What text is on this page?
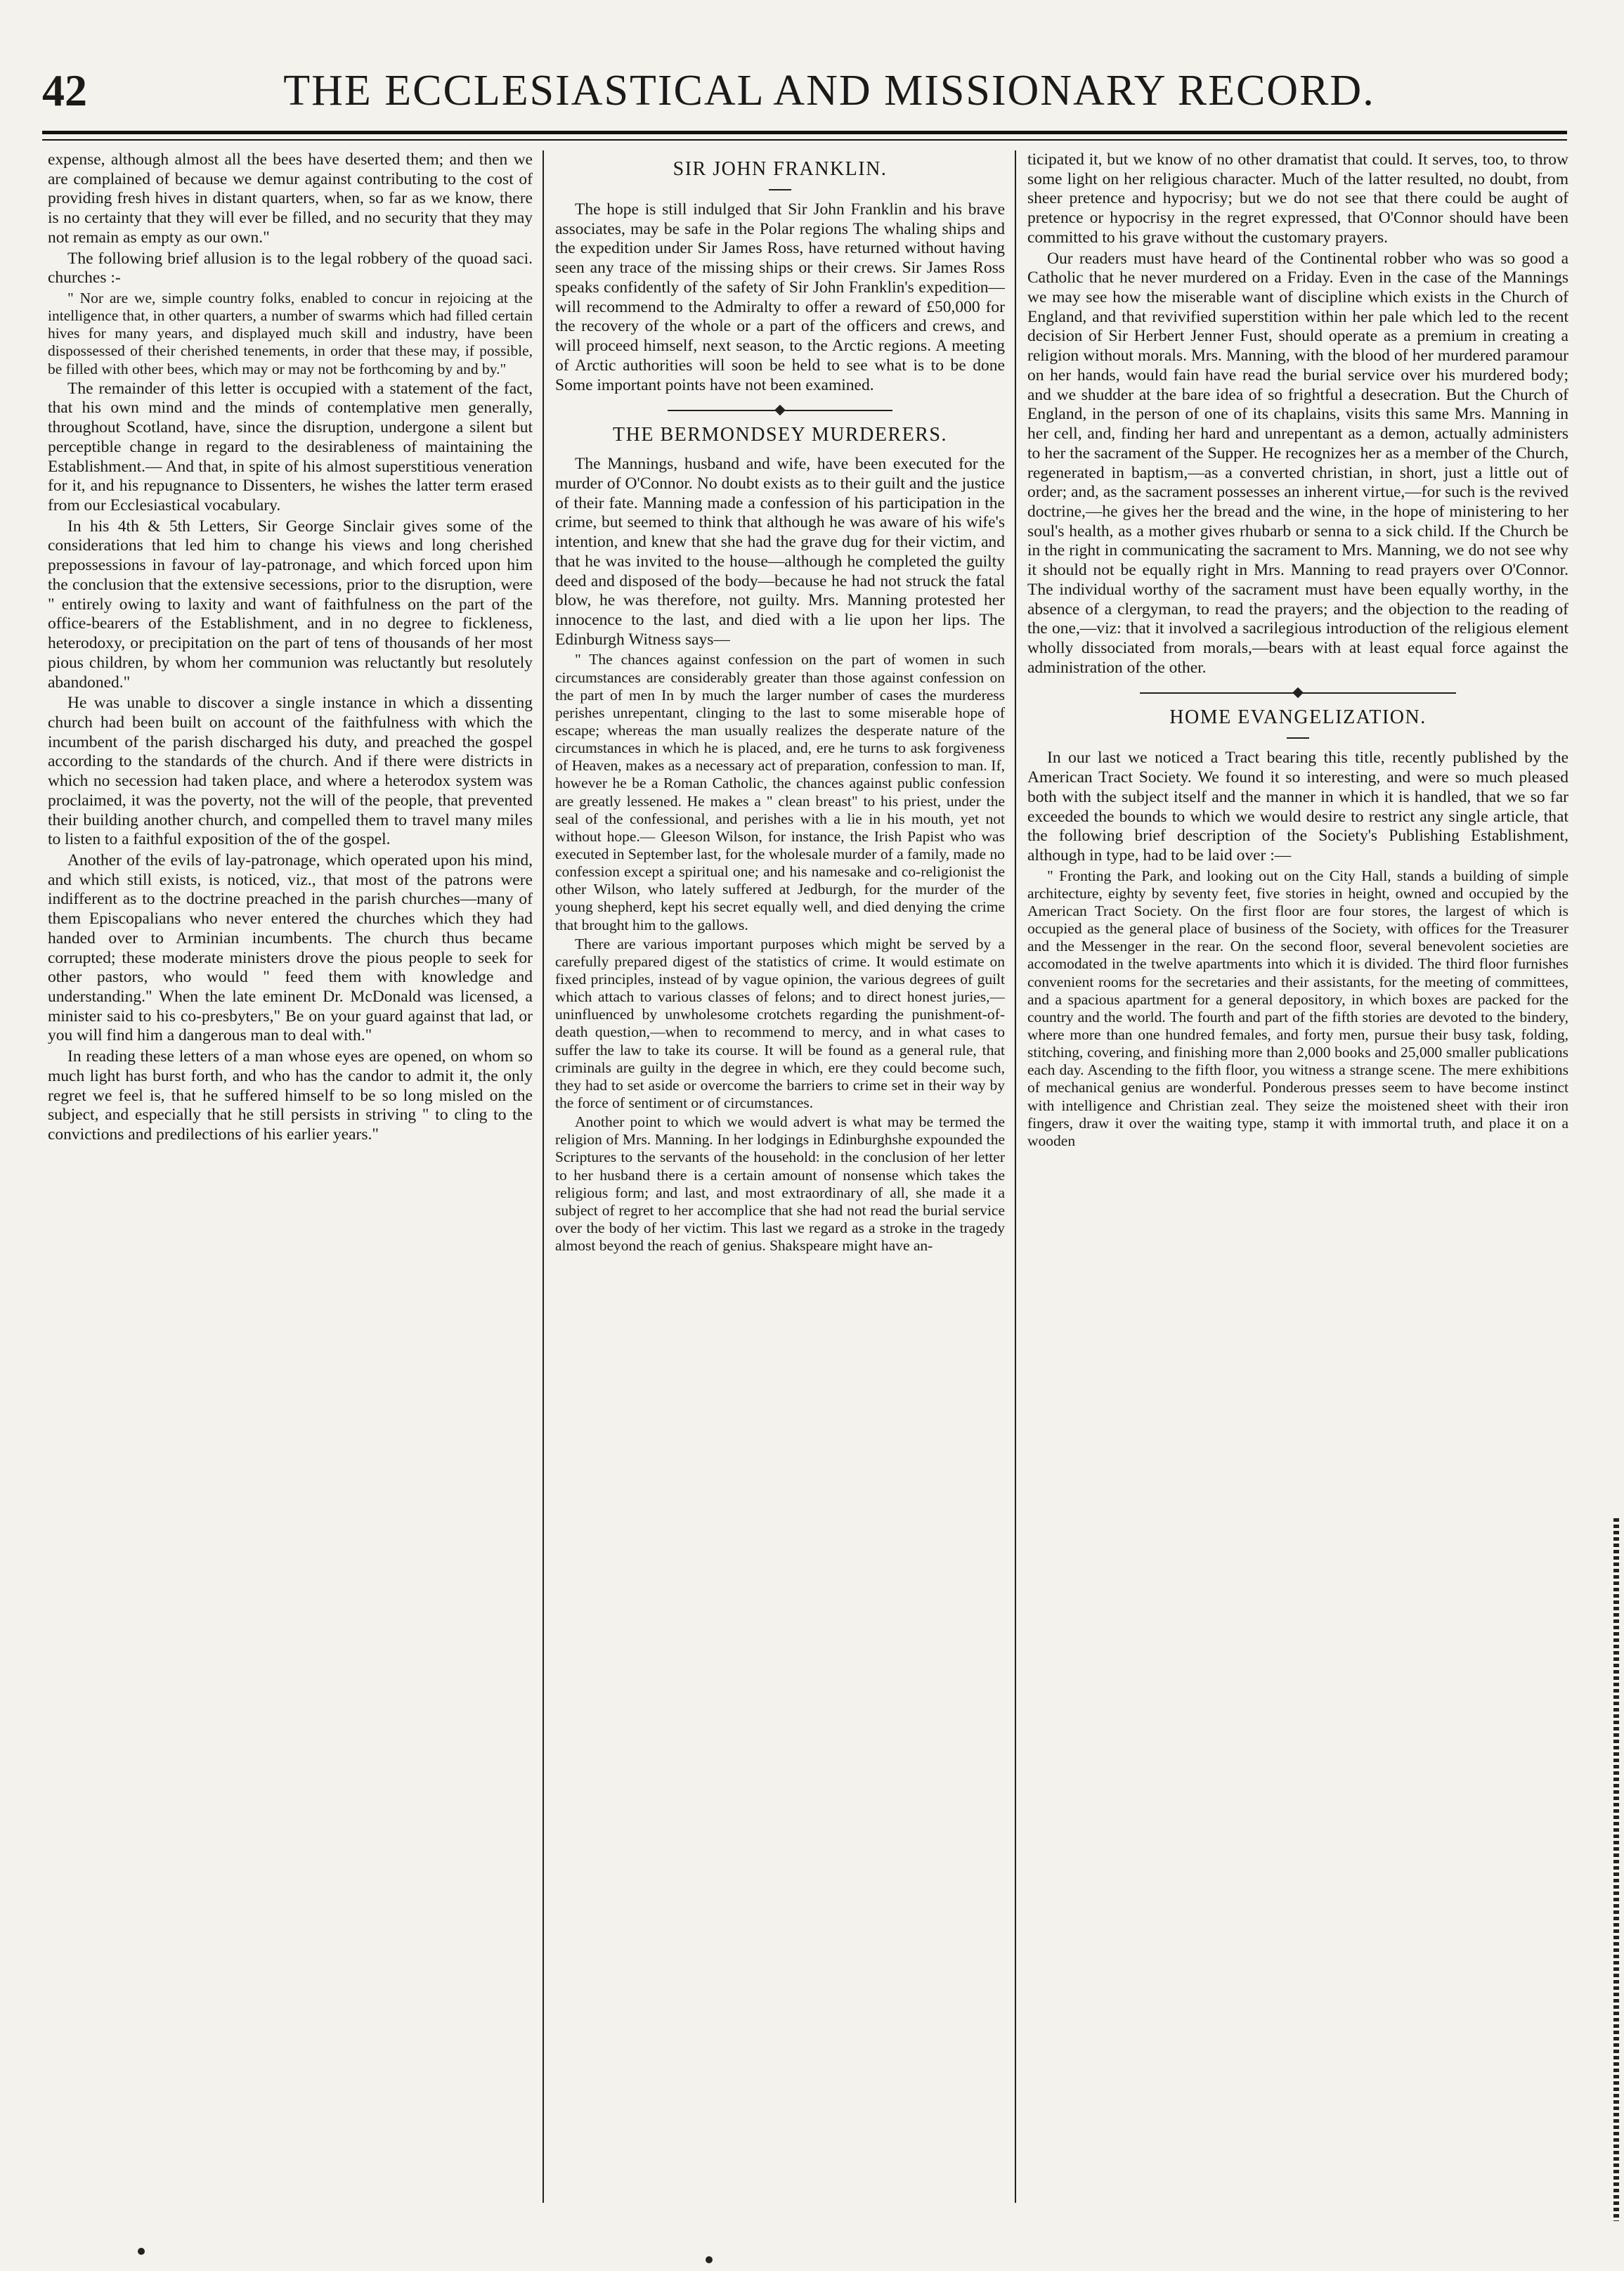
42	THE ECCLESIASTICAL AND MISSIONARY RECORD.

expense, although almost all the bees have deserted them; and then we are complained of because we demur against contributing to the cost of providing fresh hives in distant quarters, when, so far as we know, there is no certainty that they will ever be filled, and no security that they may not remain as empty as our own."

The following brief allusion is to the legal robbery of the quoad saci. churches :-

" Nor are we, simple country folks, enabled to concur in rejoicing at the intelligence that, in other quarters, a number of swarms which had filled certain hives for many years, and displayed much skill and industry, have been dispossessed of their cherished tenements, in order that these may, if possible, be filled with other bees, which may or may not be forthcoming by and by."

The remainder of this letter is occupied with a statement of the fact, that his own mind and the minds of contemplative men generally, throughout Scotland, have, since the disruption, undergone a silent but perceptible change in regard to the desirableness of maintaining the Establishment.— And that, in spite of his almost superstitious veneration for it, and his repugnance to Dissenters, he wishes the latter term erased from our Ecclesiastical vocabulary.

In his 4th & 5th Letters, Sir George Sinclair gives some of the considerations that led him to change his views and long cherished prepossessions in favour of lay-patronage, and which forced upon him the conclusion that the extensive secessions, prior to the disruption, were " entirely owing to laxity and want of faithfulness on the part of the office-bearers of the Establishment, and in no degree to fickleness, heterodoxy, or precipitation on the part of tens of thousands of her most pious children, by whom her communion was reluctantly but resolutely abandoned."

He was unable to discover a single instance in which a dissenting church had been built on account of the faithfulness with which the incumbent of the parish discharged his duty, and preached the gospel according to the standards of the church. And if there were districts in which no secession had taken place, and where a heterodox system was proclaimed, it was the poverty, not the will of the people, that prevented their building another church, and compelled them to travel many miles to listen to a faithful exposition of the of the gospel.

Another of the evils of lay-patronage, which operated upon his mind, and which still exists, is noticed, viz., that most of the patrons were indifferent as to the doctrine preached in the parish churches—many of them Episcopalians who never entered the churches which they had handed over to Arminian incumbents. The church thus became corrupted; these moderate ministers drove the pious people to seek for other pastors, who would " feed them with knowledge and understanding." When the late eminent Dr. McDonald was licensed, a minister said to his co-presbyters," Be on your guard against that lad, or you will find him a dangerous man to deal with."

In reading these letters of a man whose eyes are opened, on whom so much light has burst forth, and who has the candor to admit it, the only regret we feel is, that he suffered himself to be so long misled on the subject, and especially that he still persists in striving " to cling to the convictions and predilections of his earlier years."

SIR JOHN FRANKLIN.

The hope is still indulged that Sir John Franklin and his brave associates, may be safe in the Polar regions The whaling ships and the expedition under Sir James Ross, have returned without having seen any trace of the missing ships or their crews. Sir James Ross speaks confidently of the safety of Sir John Franklin's expedition—will recommend to the Admiralty to offer a reward of £50,000 for the recovery of the whole or a part of the officers and crews, and will proceed himself, next season, to the Arctic regions. A meeting of Arctic authorities will soon be held to see what is to be done Some important points have not been examined.

THE BERMONDSEY MURDERERS.

The Mannings, husband and wife, have been executed for the murder of O'Connor. No doubt exists as to their guilt and the justice of their fate. Manning made a confession of his participation in the crime, but seemed to think that although he was aware of his wife's intention, and knew that she had the grave dug for their victim, and that he was invited to the house—although he completed the guilty deed and disposed of the body—because he had not struck the fatal blow, he was therefore, not guilty. Mrs. Manning protested her innocence to the last, and died with a lie upon her lips. The Edinburgh Witness says—

" The chances against confession on the part of women in such circumstances are considerably greater than those against confession on the part of men In by much the larger number of cases the murderess perishes unrepentant, clinging to the last to some miserable hope of escape; whereas the man usually realizes the desperate nature of the circumstances in which he is placed, and, ere he turns to ask forgiveness of Heaven, makes as a necessary act of preparation, confession to man. If, however he be a Roman Catholic, the chances against public confession are greatly lessened. He makes a " clean breast" to his priest, under the seal of the confessional, and perishes with a lie in his mouth, yet not without hope.— Gleeson Wilson, for instance, the Irish Papist who was executed in September last, for the wholesale murder of a family, made no confession except a spiritual one; and his namesake and co-religionist the other Wilson, who lately suffered at Jedburgh, for the murder of the young shepherd, kept his secret equally well, and died denying the crime that brought him to the gallows.

There are various important purposes which might be served by a carefully prepared digest of the statistics of crime. It would estimate on fixed principles, instead of by vague opinion, the various degrees of guilt which attach to various classes of felons; and to direct honest juries,—uninfluenced by unwholesome crotchets regarding the punishment-of-death question,—when to recommend to mercy, and in what cases to suffer the law to take its course. It will be found as a general rule, that criminals are guilty in the degree in which, ere they could become such, they had to set aside or overcome the barriers to crime set in their way by the force of sentiment or of circumstances.

Another point to which we would advert is what may be termed the religion of Mrs. Manning. In her lodgings in Edinburghshe expounded the Scriptures to the servants of the household: in the conclusion of her letter to her husband there is a certain amount of nonsense which takes the religious form; and last, and most extraordinary of all, she made it a subject of regret to her accomplice that she had not read the burial service over the body of her victim. This last we regard as a stroke in the tragedy almost beyond the reach of genius. Shakspeare might have an-

ticipated it, but we know of no other dramatist that could. It serves, too, to throw some light on her religious character. Much of the latter resulted, no doubt, from sheer pretence and hypocrisy; but we do not see that there could be aught of pretence or hypocrisy in the regret expressed, that O'Connor should have been committed to his grave without the customary prayers.

Our readers must have heard of the Continental robber who was so good a Catholic that he never murdered on a Friday. Even in the case of the Mannings we may see how the miserable want of discipline which exists in the Church of England, and that revivified superstition within her pale which led to the recent decision of Sir Herbert Jenner Fust, should operate as a premium in creating a religion without morals. Mrs. Manning, with the blood of her murdered paramour on her hands, would fain have read the burial service over his murdered body; and we shudder at the bare idea of so frightful a desecration. But the Church of England, in the person of one of its chaplains, visits this same Mrs. Manning in her cell, and, finding her hard and unrepentant as a demon, actually administers to her the sacrament of the Supper. He recognizes her as a member of the Church, regenerated in baptism,—as a converted christian, in short, just a little out of order; and, as the sacrament possesses an inherent virtue,—for such is the revived doctrine,—he gives her the bread and the wine, in the hope of ministering to her soul's health, as a mother gives rhubarb or senna to a sick child. If the Church be in the right in communicating the sacrament to Mrs. Manning, we do not see why it should not be equally right in Mrs. Manning to read prayers over O'Connor. The individual worthy of the sacrament must have been equally worthy, in the absence of a clergyman, to read the prayers; and the objection to the reading of the one,—viz: that it involved a sacrilegious introduction of the religious element wholly dissociated from morals,—bears with at least equal force against the administration of the other.

HOME EVANGELIZATION.

In our last we noticed a Tract bearing this title, recently published by the American Tract Society. We found it so interesting, and were so much pleased both with the subject itself and the manner in which it is handled, that we so far exceeded the bounds to which we would desire to restrict any single article, that the following brief description of the Society's Publishing Establishment, although in type, had to be laid over :—

" Fronting the Park, and looking out on the City Hall, stands a building of simple architecture, eighty by seventy feet, five stories in height, owned and occupied by the American Tract Society. On the first floor are four stores, the largest of which is occupied as the general place of business of the Society, with offices for the Treasurer and the Messenger in the rear. On the second floor, several benevolent societies are accomodated in the twelve apartments into which it is divided. The third floor furnishes convenient rooms for the secretaries and their assistants, for the meeting of committees, and a spacious apartment for a general depository, in which boxes are packed for the country and the world. The fourth and part of the fifth stories are devoted to the bindery, where more than one hundred females, and forty men, pursue their busy task, folding, stitching, covering, and finishing more than 2,000 books and 25,000 smaller publications each day. Ascending to the fifth floor, you witness a strange scene. The mere exhibitions of mechanical genius are wonderful. Ponderous presses seem to have become instinct with intelligence and Christian zeal. They seize the moistened sheet with their iron fingers, draw it over the waiting type, stamp it with immortal truth, and place it on a wooden
